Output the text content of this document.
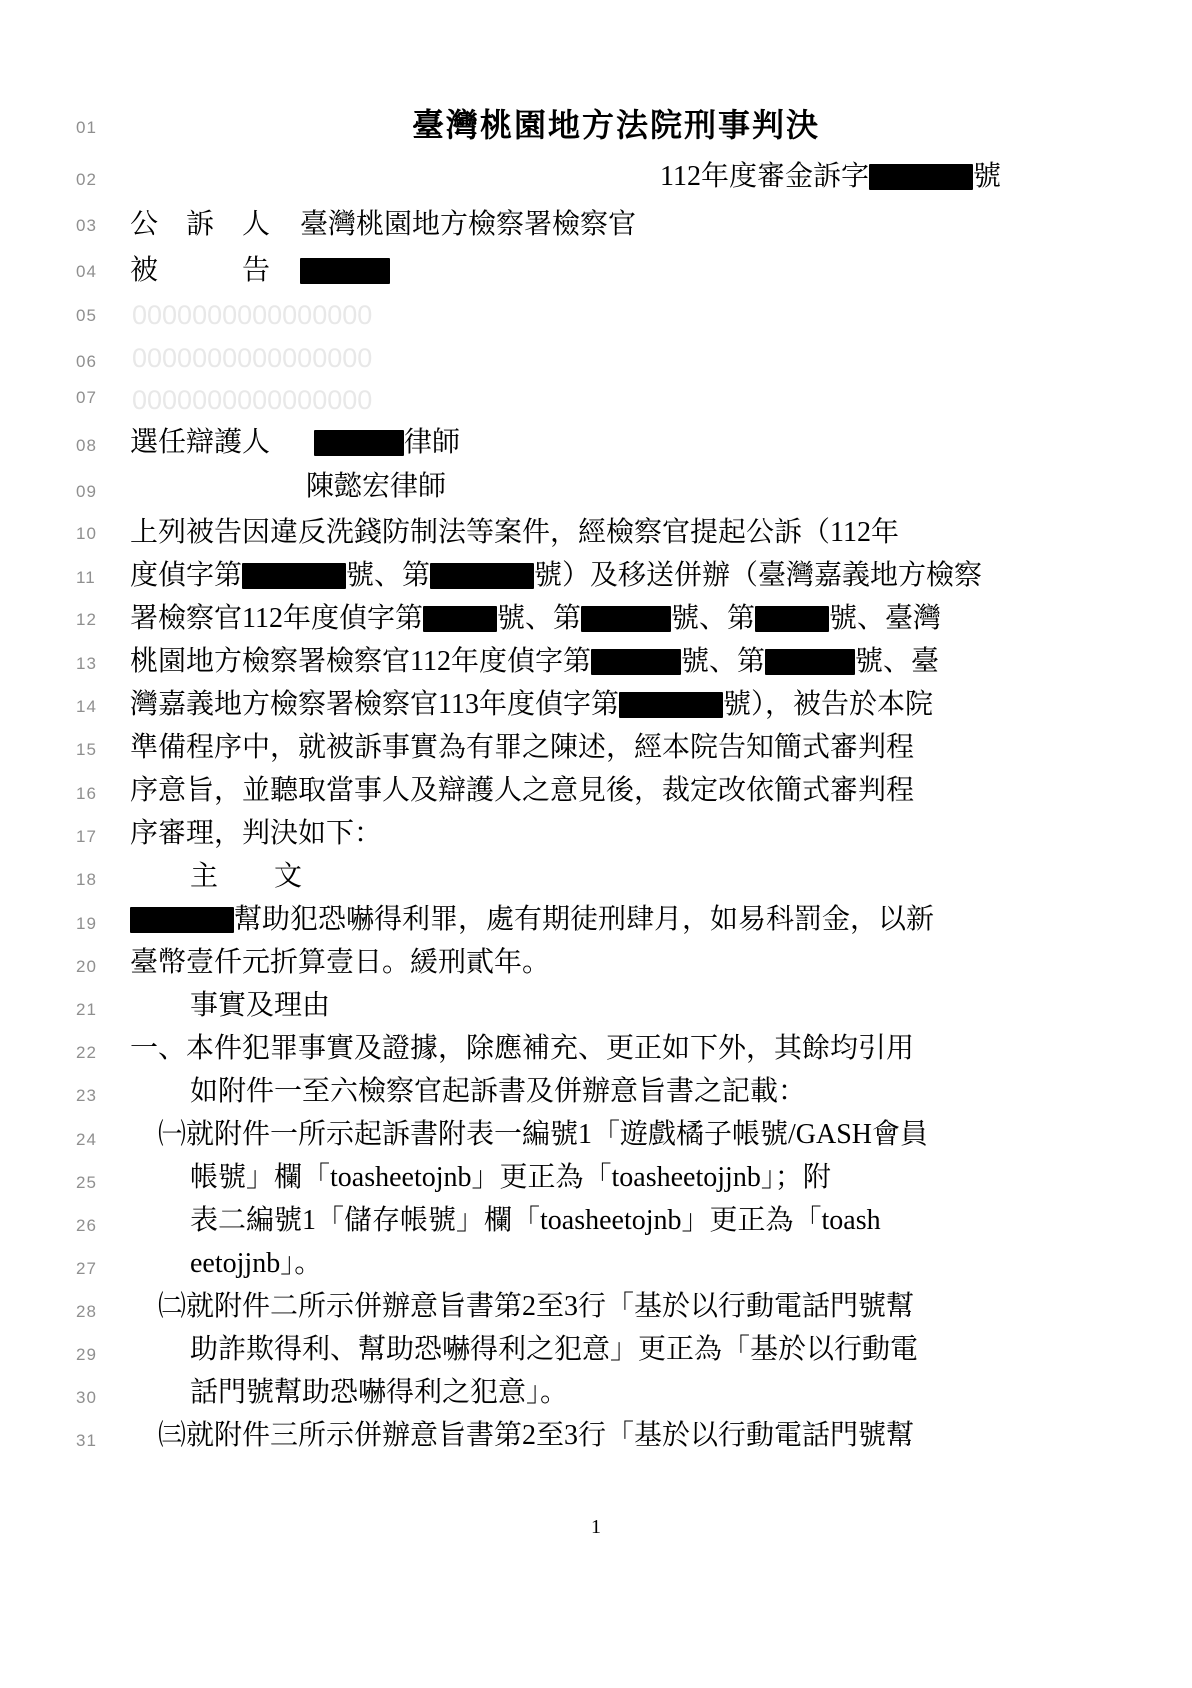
臺灣桃園地方法院刑事判決
01
02
03
04
05
06
07
08
09
10
11
12
13
14
15
16
17
18
19
20
21
22
23
24
25
26
27
28
29
30
31
112年度審金訴字	號
公　訴　人 臺灣桃園地方檢察署檢察官
被　　　告
0000000000000000
0000000000000000
0000000000000000
選任辯護人	律師
陳懿宏律師
上列被告因違反洗錢防制法等案件，經檢察官提起公訴（112年
度偵字第	號、第	號）及移送併辦（臺灣嘉義地方檢察
署檢察官112年度偵字第	號、第	號、第	號、臺灣
桃園地方檢察署檢察官112年度偵字第	號、第	號、臺
灣嘉義地方檢察署檢察官113年度偵字第	號），被告於本院
準備程序中，就被訴事實為有罪之陳述，經本院告知簡式審判程
序意旨，並聽取當事人及辯護人之意見後，裁定改依簡式審判程
序審理，判決如下：
主　　文
幫助犯恐嚇得利罪，處有期徒刑肆月，如易科罰金，以新
臺幣壹仟元折算壹日。緩刑貳年。
事實及理由
一、本件犯罪事實及證據，除應補充、更正如下外，其餘均引用
如附件一至六檢察官起訴書及併辦意旨書之記載：
㈠就附件一所示起訴書附表一編號1「遊戲橘子帳號/GASH會員
帳號」欄「toasheetojnb」更正為「toasheetojjnb」；附
表二編號1「儲存帳號」欄「toasheetojnb」更正為「toash
eetojjnb」。
㈡就附件二所示併辦意旨書第2至3行「基於以行動電話門號幫
助詐欺得利、幫助恐嚇得利之犯意」更正為「基於以行動電
話門號幫助恐嚇得利之犯意」。
㈢就附件三所示併辦意旨書第2至3行「基於以行動電話門號幫
1
